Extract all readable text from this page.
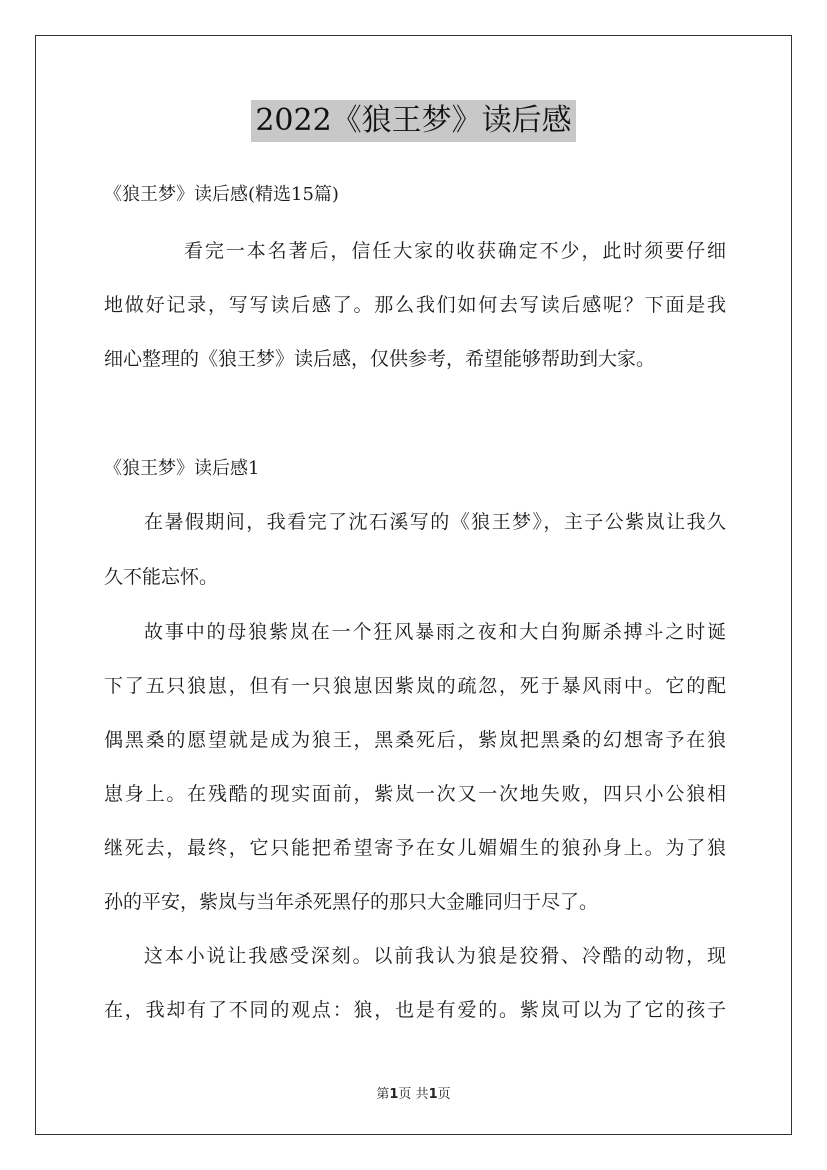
2022《狼王梦》读后感
《狼王梦》读后感(精选15篇)
看完一本名著后，信任大家的收获确定不少，此时须要仔细
地做好记录，写写读后感了。那么我们如何去写读后感呢？下面是我
细心整理的《狼王梦》读后感，仅供参考，希望能够帮助到大家。
《狼王梦》读后感1
在暑假期间，我看完了沈石溪写的《狼王梦》，主子公紫岚让我久
久不能忘怀。
故事中的母狼紫岚在一个狂风暴雨之夜和大白狗厮杀搏斗之时诞
下了五只狼崽，但有一只狼崽因紫岚的疏忽，死于暴风雨中。它的配
偶黑桑的愿望就是成为狼王，黑桑死后，紫岚把黑桑的幻想寄予在狼
崽身上。在残酷的现实面前，紫岚一次又一次地失败，四只小公狼相
继死去，最终，它只能把希望寄予在女儿媚媚生的狼孙身上。为了狼
孙的平安，紫岚与当年杀死黑仔的那只大金雕同归于尽了。
这本小说让我感受深刻。以前我认为狼是狡猾、冷酷的动物，现
在，我却有了不同的观点：狼，也是有爱的。紫岚可以为了它的孩子
第1页 共1页
